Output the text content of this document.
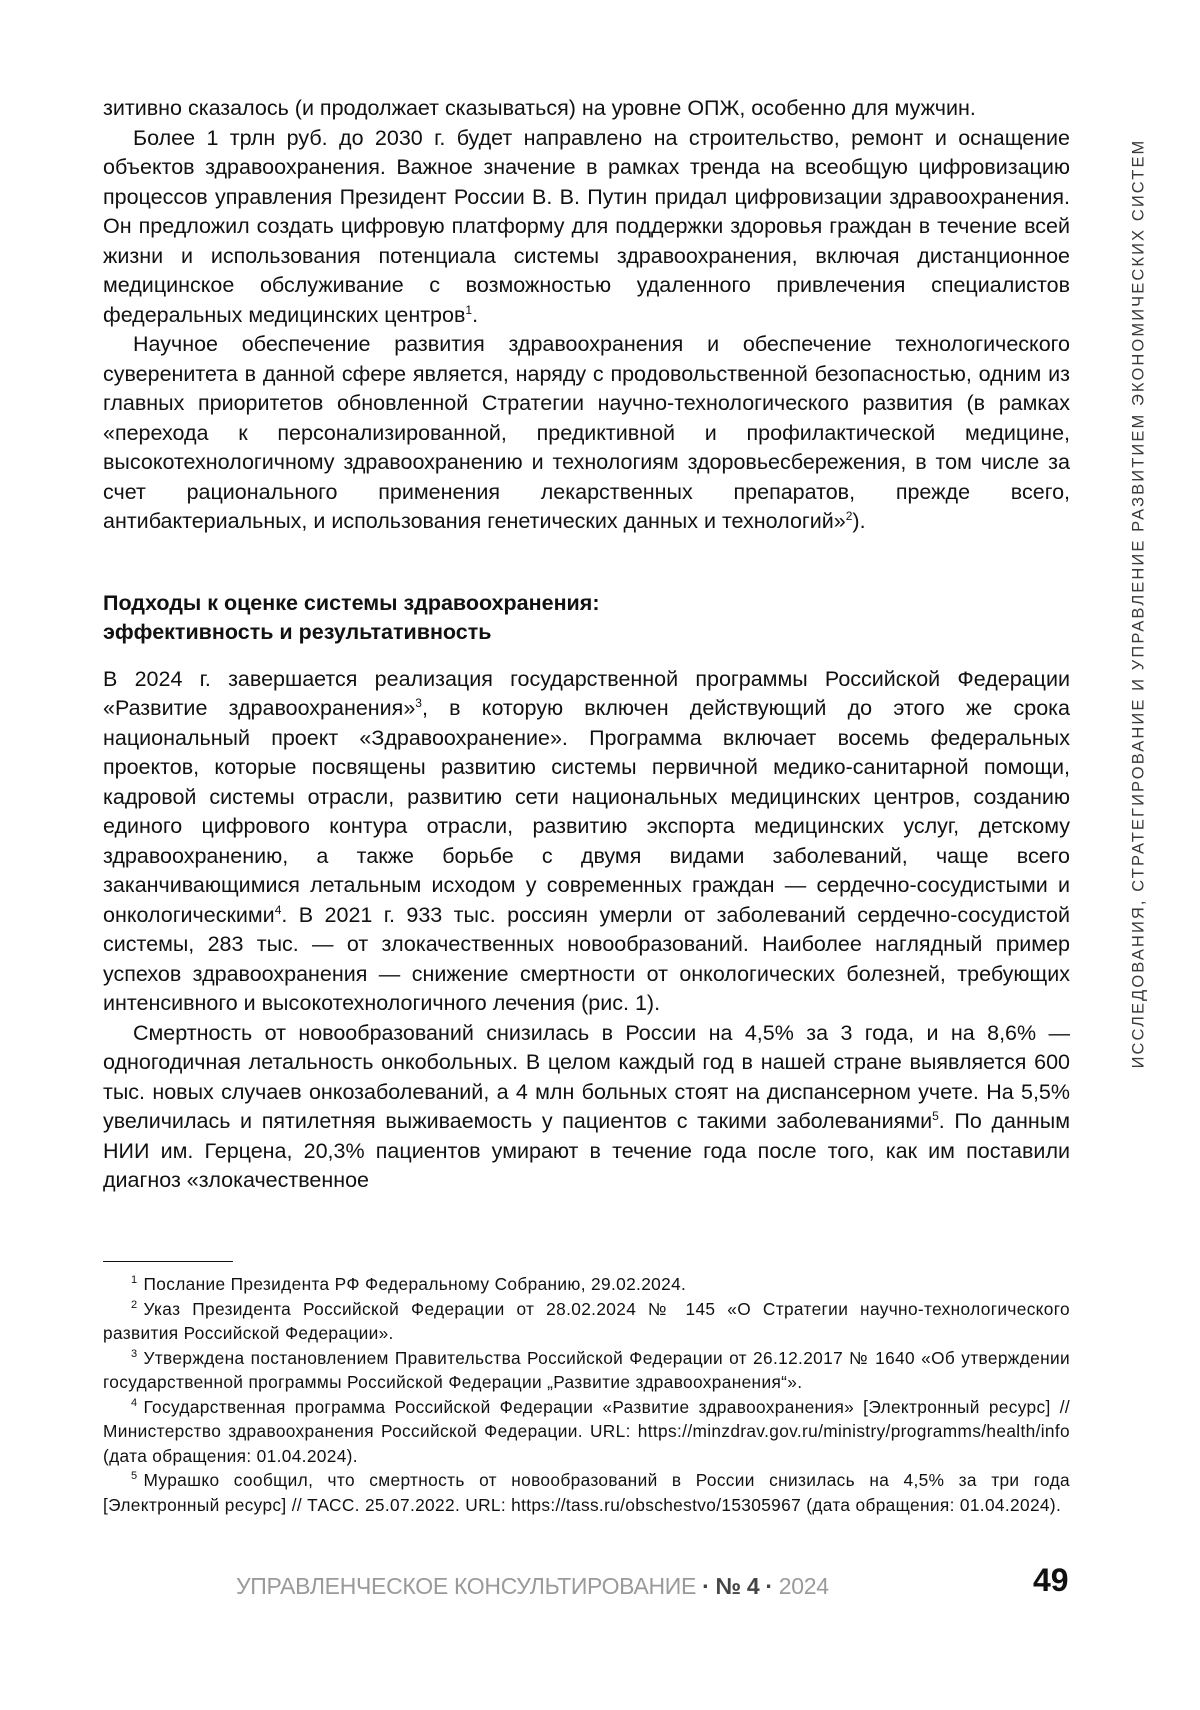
ИССЛЕДОВАНИЯ, СТРАТЕГИРОВАНИЕ И УПРАВЛЕНИЕ РАЗВИТИЕМ ЭКОНОМИЧЕСКИХ СИСТЕМ

зитивно сказалось (и продолжает сказываться) на уровне ОПЖ, особенно для мужчин.

Более 1 трлн руб. до 2030 г. будет направлено на строительство, ремонт и оснащение объектов здравоохранения. Важное значение в рамках тренда на всеобщую цифровизацию процессов управления Президент России В. В. Путин придал цифровизации здравоохранения. Он предложил создать цифровую платформу для поддержки здоровья граждан в течение всей жизни и использования потенциала системы здравоохранения, включая дистанционное медицинское обслуживание с возможностью удаленного привлечения специалистов федеральных медицинских центров1.

Научное обеспечение развития здравоохранения и обеспечение технологического суверенитета в данной сфере является, наряду с продовольственной безопасностью, одним из главных приоритетов обновленной Стратегии научно-технологического развития (в рамках «перехода к персонализированной, предиктивной и профилактической медицине, высокотехнологичному здравоохранению и технологиям здоровьесбережения, в том числе за счет рационального применения лекарственных препаратов, прежде всего, антибактериальных, и использования генетических данных и технологий»2).

Подходы к оценке системы здравоохранения:
эффективность и результативность

В 2024 г. завершается реализация государственной программы Российской Федерации «Развитие здравоохранения»3, в которую включен действующий до этого же срока национальный проект «Здравоохранение». Программа включает восемь федеральных проектов, которые посвящены развитию системы первичной медико-санитарной помощи, кадровой системы отрасли, развитию сети национальных медицинских центров, созданию единого цифрового контура отрасли, развитию экспорта медицинских услуг, детскому здравоохранению, а также борьбе с двумя видами заболеваний, чаще всего заканчивающимися летальным исходом у современных граждан — сердечно-сосудистыми и онкологическими4. В 2021 г. 933 тыс. россиян умерли от заболеваний сердечно-сосудистой системы, 283 тыс. — от злокачественных новообразований. Наиболее наглядный пример успехов здравоохранения — снижение смертности от онкологических болезней, требующих интенсивного и высокотехнологичного лечения (рис. 1).

Смертность от новообразований снизилась в России на 4,5% за 3 года, и на 8,6% — одногодичная летальность онкобольных. В целом каждый год в нашей стране выявляется 600 тыс. новых случаев онкозаболеваний, а 4 млн больных стоят на диспансерном учете. На 5,5% увеличилась и пятилетняя выживаемость у пациентов с такими заболеваниями5. По данным НИИ им. Герцена, 20,3% пациентов умирают в течение года после того, как им поставили диагноз «злокачественное

1 Послание Президента РФ Федеральному Собранию, 29.02.2024.

2 Указ Президента Российской Федерации от 28.02.2024 № 145 «О Стратегии научно-технологического развития Российской Федерации».

3 Утверждена постановлением Правительства Российской Федерации от 26.12.2017 № 1640 «Об утверждении государственной программы Российской Федерации „Развитие здравоохранения“».

4 Государственная программа Российской Федерации «Развитие здравоохранения» [Электронный ресурс] // Министерство здравоохранения Российской Федерации. URL: https://minzdrav.gov.ru/ministry/programms/health/info (дата обращения: 01.04.2024).

5 Мурашко сообщил, что смертность от новообразований в России снизилась на 4,5% за три года [Электронный ресурс] // ТАСС. 25.07.2022. URL: https://tass.ru/obschestvo/15305967 (дата обращения: 01.04.2024).

УПРАВЛЕНЧЕСКОЕ КОНСУЛЬТИРОВАНИЕ · № 4 · 2024	49
